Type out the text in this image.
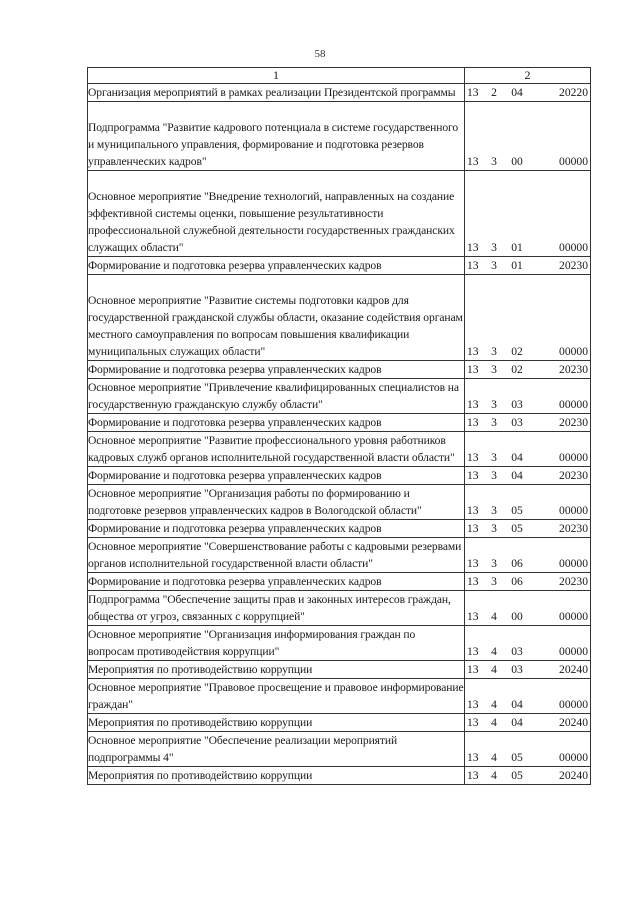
58
1	2
Организация мероприятий в рамках реализации Президентской программы	13 2 04 20220

Подпрограмма "Развитие кадрового потенциала в системе государственного и муниципального управления, формирование и подготовка резервов управленческих кадров"	13 3 00 00000

Основное мероприятие "Внедрение технологий, направленных на создание эффективной системы оценки, повышение результативности профессиональной служебной деятельности государственных гражданских служащих области"	13 3 01 00000

Формирование и подготовка резерва управленческих кадров	13 3 01 20230

Основное мероприятие "Развитие системы подготовки кадров для государственной гражданской службы области, оказание содействия органам местного самоуправления по вопросам повышения квалификации муниципальных служащих области"	13 3 02 00000

Формирование и подготовка резерва управленческих кадров	13 3 02 20230

Основное мероприятие "Привлечение квалифицированных специалистов на государственную гражданскую службу области"	13 3 03 00000

Формирование и подготовка резерва управленческих кадров	13 3 03 20230

Основное мероприятие "Развитие профессионального уровня работников кадровых служб органов исполнительной государственной власти области"	13 3 04 00000

Формирование и подготовка резерва управленческих кадров	13 3 04 20230

Основное мероприятие "Организация работы по формированию и подготовке резервов управленческих кадров в Вологодской области"	13 3 05 00000

Формирование и подготовка резерва управленческих кадров	13 3 05 20230

Основное мероприятие "Совершенствование работы с кадровыми резервами органов исполнительной государственной власти области"	13 3 06 00000

Формирование и подготовка резерва управленческих кадров	13 3 06 20230

Подпрограмма "Обеспечение защиты прав и законных интересов граждан, общества от угроз, связанных с коррупцией"	13 4 00 00000

Основное мероприятие "Организация информирования граждан по вопросам противодействия коррупции"	13 4 03 00000

Мероприятия по противодействию коррупции	13 4 03 20240

Основное мероприятие "Правовое просвещение и правовое информирование граждан"	13 4 04 00000

Мероприятия по противодействию коррупции	13 4 04 20240

Основное мероприятие "Обеспечение реализации мероприятий подпрограммы 4"	13 4 05 00000

Мероприятия по противодействию коррупции	13 4 05 20240
